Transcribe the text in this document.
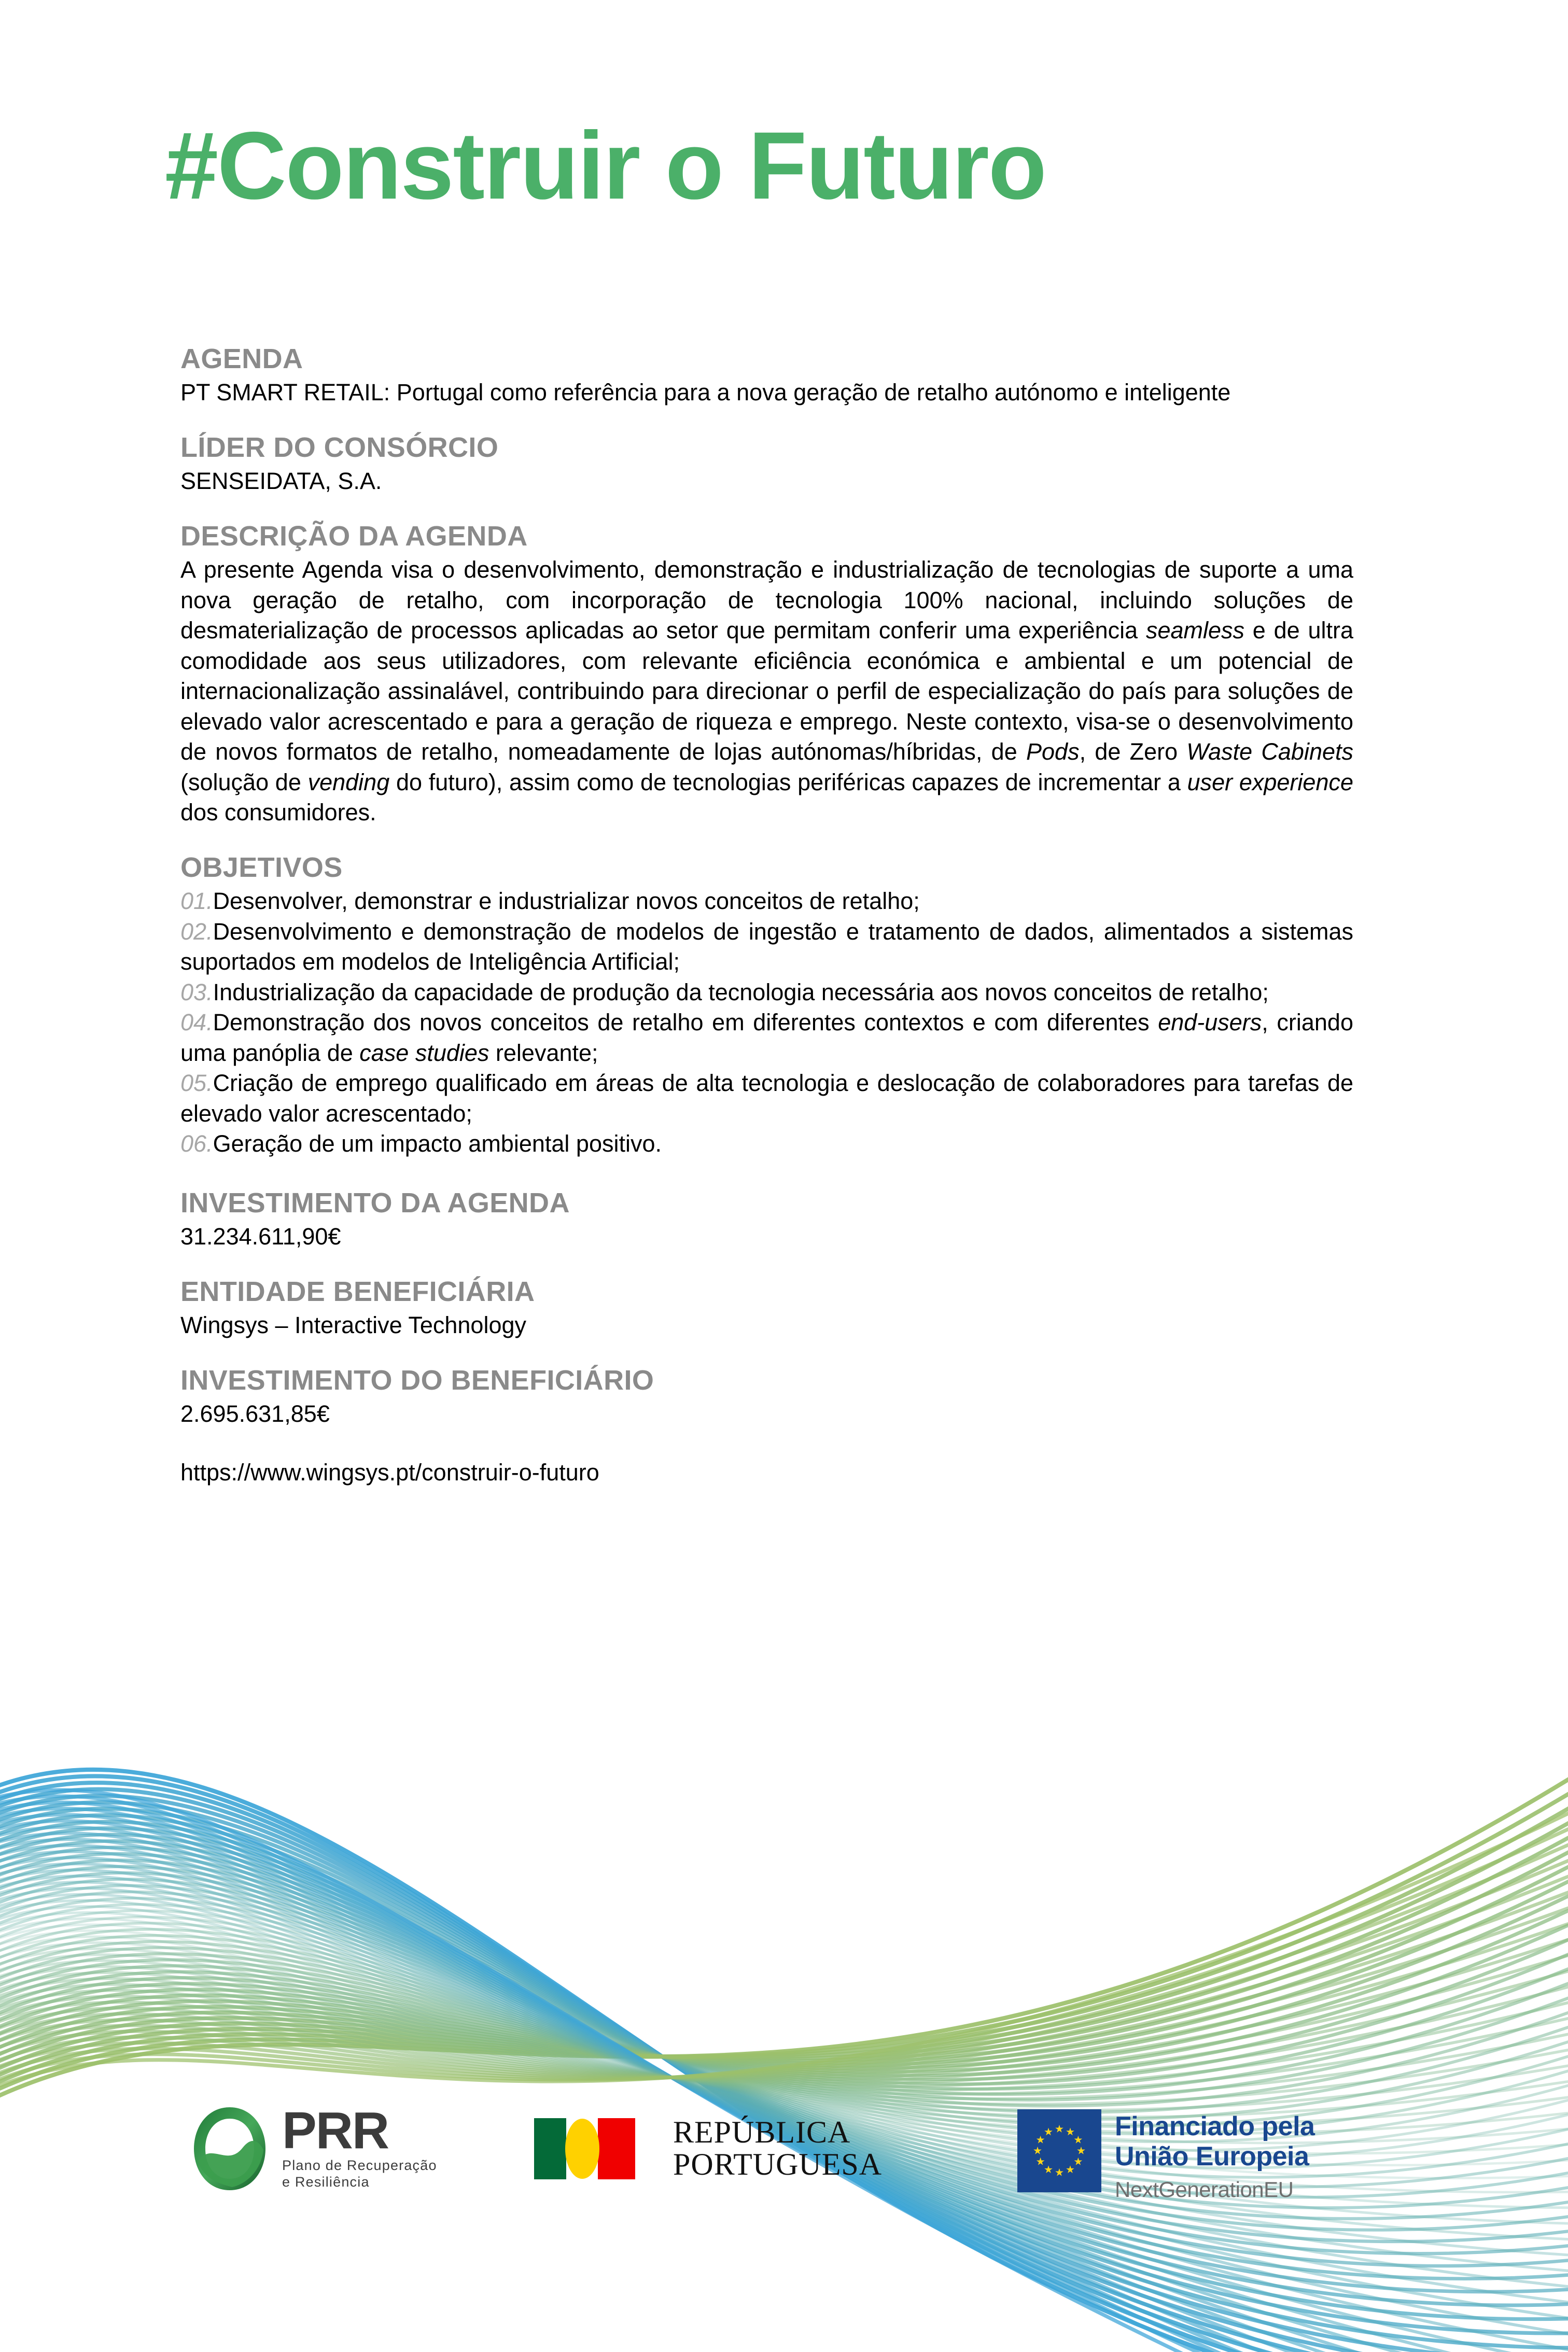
#Construir o Futuro
AGENDA

PT SMART RETAIL: Portugal como referência para a nova geração de retalho autónomo e inteligente

LÍDER DO CONSÓRCIO

SENSEIDATA, S.A.

DESCRIÇÃO DA AGENDA

A presente Agenda visa o desenvolvimento, demonstração e industrialização de tecnologias de suporte a uma nova geração de retalho, com incorporação de tecnologia 100% nacional, incluindo soluções de desmaterialização de processos aplicadas ao setor que permitam conferir uma experiência seamless e de ultra comodidade aos seus utilizadores, com relevante eficiência económica e ambiental e um potencial de internacionalização assinalável, contribuindo para direcionar o perfil de especialização do país para soluções de elevado valor acrescentado e para a geração de riqueza e emprego. Neste contexto, visa-se o desenvolvimento de novos formatos de retalho, nomeadamente de lojas autónomas/híbridas, de Pods, de Zero Waste Cabinets (solução de vending do futuro), assim como de tecnologias periféricas capazes de incrementar a user experience dos consumidores.

OBJETIVOS
01.Desenvolver, demonstrar e industrializar novos conceitos de retalho;
02.Desenvolvimento e demonstração de modelos de ingestão e tratamento de dados, alimentados a sistemas suportados em modelos de Inteligência Artificial;
03.Industrialização da capacidade de produção da tecnologia necessária aos novos conceitos de retalho;
04.Demonstração dos novos conceitos de retalho em diferentes contextos e com diferentes end-users, criando uma panóplia de case studies relevante;
05.Criação de emprego qualificado em áreas de alta tecnologia e deslocação de colaboradores para tarefas de elevado valor acrescentado;
06.Geração de um impacto ambiental positivo.
INVESTIMENTO DA AGENDA

31.234.611,90€

ENTIDADE BENEFICIÁRIA

Wingsys – Interactive Technology

INVESTIMENTO DO BENEFICIÁRIO

2.695.631,85€

https://www.wingsys.pt/construir-o-futuro
PRR
Plano de Recuperação
e Resiliência
REPÚBLICA
PORTUGUESA
Financiado pela
União Europeia
NextGenerationEU
